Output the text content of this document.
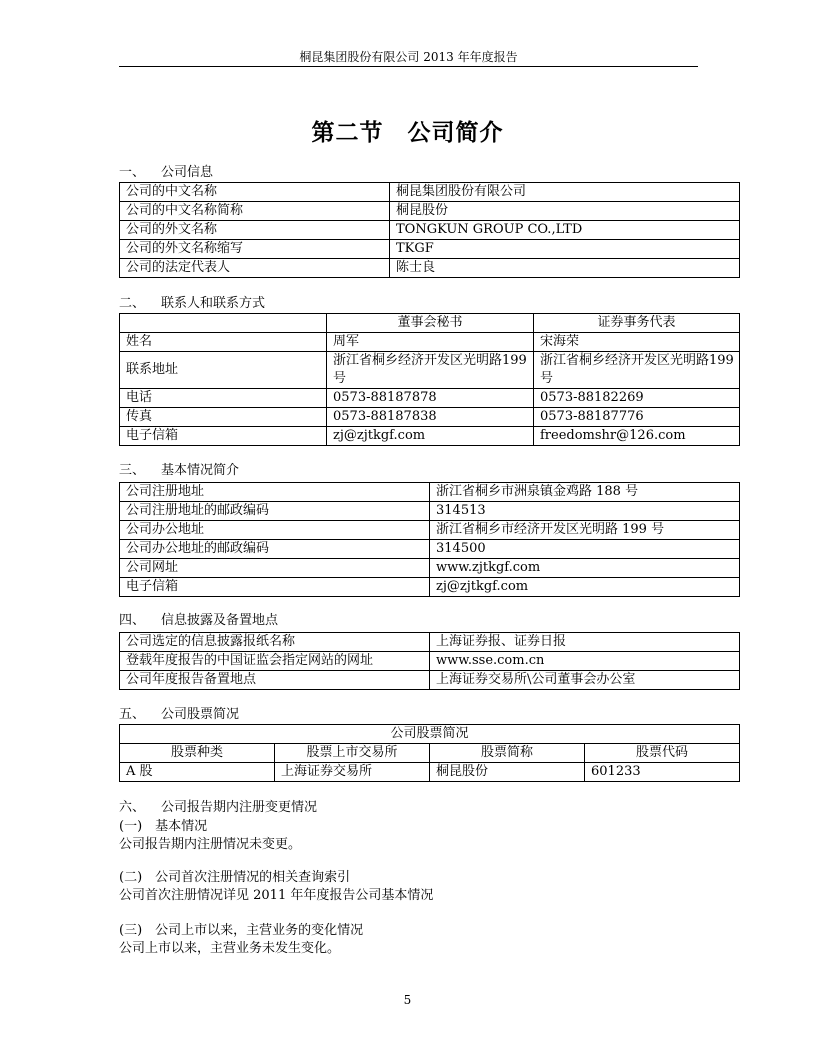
桐昆集团股份有限公司 2013 年年度报告
第二节　公司简介
一、 公司信息
公司的中文名称	桐昆集团股份有限公司
公司的中文名称简称	桐昆股份
公司的外文名称	TONGKUN GROUP CO.,LTD
公司的外文名称缩写	TKGF
公司的法定代表人	陈士良
二、 联系人和联系方式
	董事会秘书	证券事务代表
姓名	周军	宋海荣
联系地址	浙江省桐乡经济开发区光明路199号	浙江省桐乡经济开发区光明路199号
电话	0573-88187878	0573-88182269
传真	0573-88187838	0573-88187776
电子信箱	zj@zjtkgf.com	freedomshr@126.com
三、 基本情况简介
公司注册地址	浙江省桐乡市洲泉镇金鸡路 188 号
公司注册地址的邮政编码	314513
公司办公地址	浙江省桐乡市经济开发区光明路 199 号
公司办公地址的邮政编码	314500
公司网址	www.zjtkgf.com
电子信箱	zj@zjtkgf.com
四、 信息披露及备置地点
公司选定的信息披露报纸名称	上海证券报、证券日报
登载年度报告的中国证监会指定网站的网址	www.sse.com.cn
公司年度报告备置地点	上海证券交易所\公司董事会办公室
五、 公司股票简况
公司股票简况			
股票种类	股票上市交易所	股票简称	股票代码
A 股	上海证券交易所	桐昆股份	601233
六、 公司报告期内注册变更情况
(一)　基本情况
公司报告期内注册情况未变更。
(二)　公司首次注册情况的相关查询索引
公司首次注册情况详见 2011 年年度报告公司基本情况
(三)　公司上市以来，主营业务的变化情况
公司上市以来，主营业务未发生变化。
5
